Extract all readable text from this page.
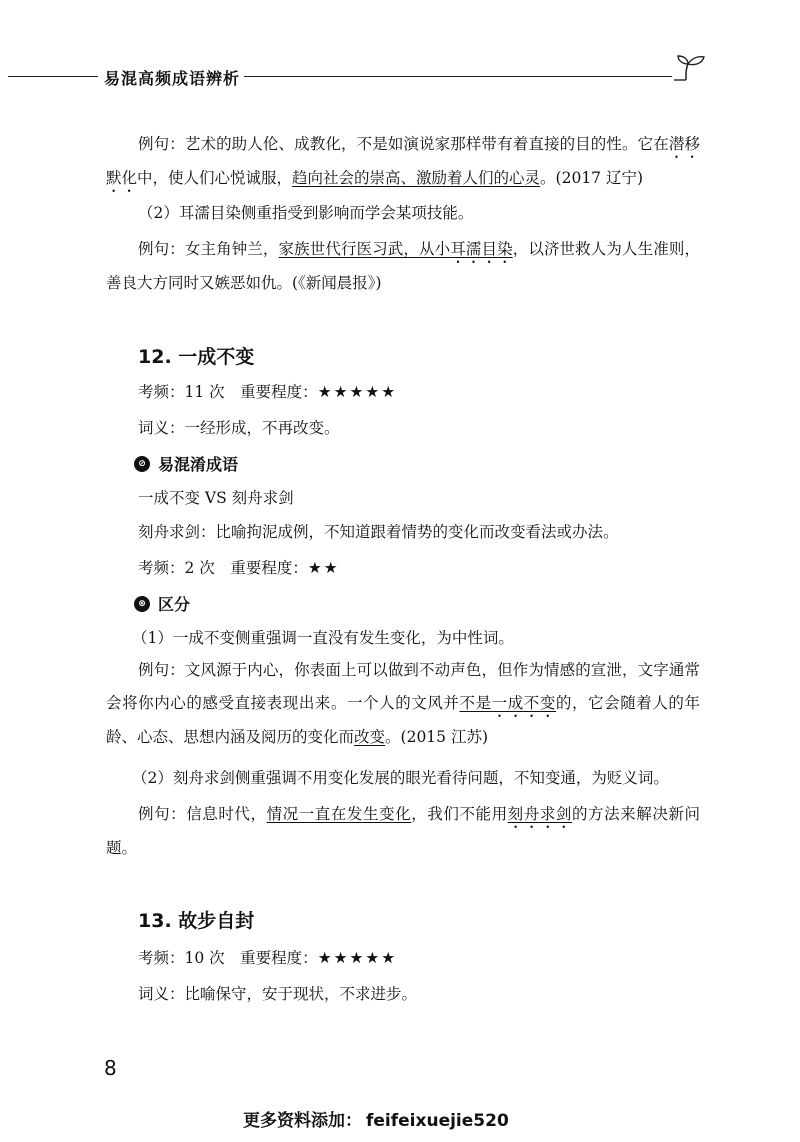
易混高频成语辨析

例句：艺术的助人伦、成教化，不是如演说家那样带有着直接的目的性。它在潜移默化中，使人们心悦诚服，趋向社会的崇高、激励着人们的心灵。(2017 辽宁)

（2）耳濡目染侧重指受到影响而学会某项技能。

例句：女主角钟兰，家族世代行医习武，从小耳濡目染，以济世救人为人生准则，善良大方同时又嫉恶如仇。(《新闻晨报》)

12. 一成不变

考频：11 次  重要程度：★★★★★

词义：一经形成，不再改变。

⊘ 易混淆成语

一成不变 VS 刻舟求剑

刻舟求剑：比喻拘泥成例，不知道跟着情势的变化而改变看法或办法。

考频：2 次  重要程度：★★

⊗ 区分

（1）一成不变侧重强调一直没有发生变化，为中性词。

例句：文风源于内心，你表面上可以做到不动声色，但作为情感的宣泄，文字通常会将你内心的感受直接表现出来。一个人的文风并不是一成不变的，它会随着人的年龄、心态、思想内涵及阅历的变化而改变。(2015 江苏)

（2）刻舟求剑侧重强调不用变化发展的眼光看待问题，不知变通，为贬义词。

例句：信息时代，情况一直在发生变化，我们不能用刻舟求剑的方法来解决新问题。

13. 故步自封

考频：10 次  重要程度：★★★★★

词义：比喻保守，安于现状，不求进步。

8
更多资料添加： feifeixuejie520
